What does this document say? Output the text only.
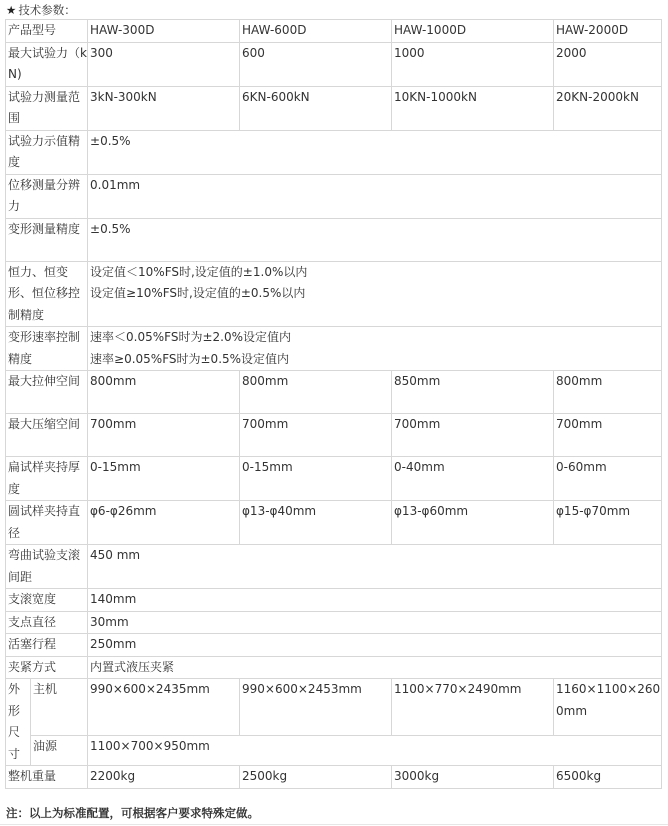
★ 技术参数：
产品型号		HAW-300D	HAW-600D	HAW-1000D	HAW-2000D
最大试验力（kN)		300	600	1000	2000
试验力测量范围		3kN-300kN	6KN-600kN	10KN-1000kN	20KN-2000kN
试验力示值精度		±0.5%			
位移测量分辨力		0.01mm			
变形测量精度		±0.5%			
恒力、恒变形、恒位移控制精度		设定值＜10%FS时,设定值的±1.0%以内
设定值≥10%FS时,设定值的±0.5%以内			

变形速率控制精度		速率＜0.05%FS时为±2.0%设定值内
速率≥0.05%FS时为±0.5%设定值内			

最大拉伸空间		800mm	800mm	850mm	800mm
最大压缩空间		700mm	700mm	700mm	700mm
扁试样夹持厚度		0-15mm	0-15mm	0-40mm	0-60mm
圆试样夹持直径		φ6-φ26mm	φ13-φ40mm	φ13-φ60mm	φ15-φ70mm
弯曲试验支滚间距		450 mm			
支滚宽度		140mm			
支点直径		30mm			
活塞行程		250mm			
夹紧方式		内置式液压夹紧			
外形尺寸	主机	990×600×2435mm	990×600×2453mm	1100×770×2490mm	1160×1100×2600mm
	油源	1100×700×950mm			
整机重量		2200kg	2500kg	3000kg	6500kg
注：以上为标准配置，可根据客户要求特殊定做。
